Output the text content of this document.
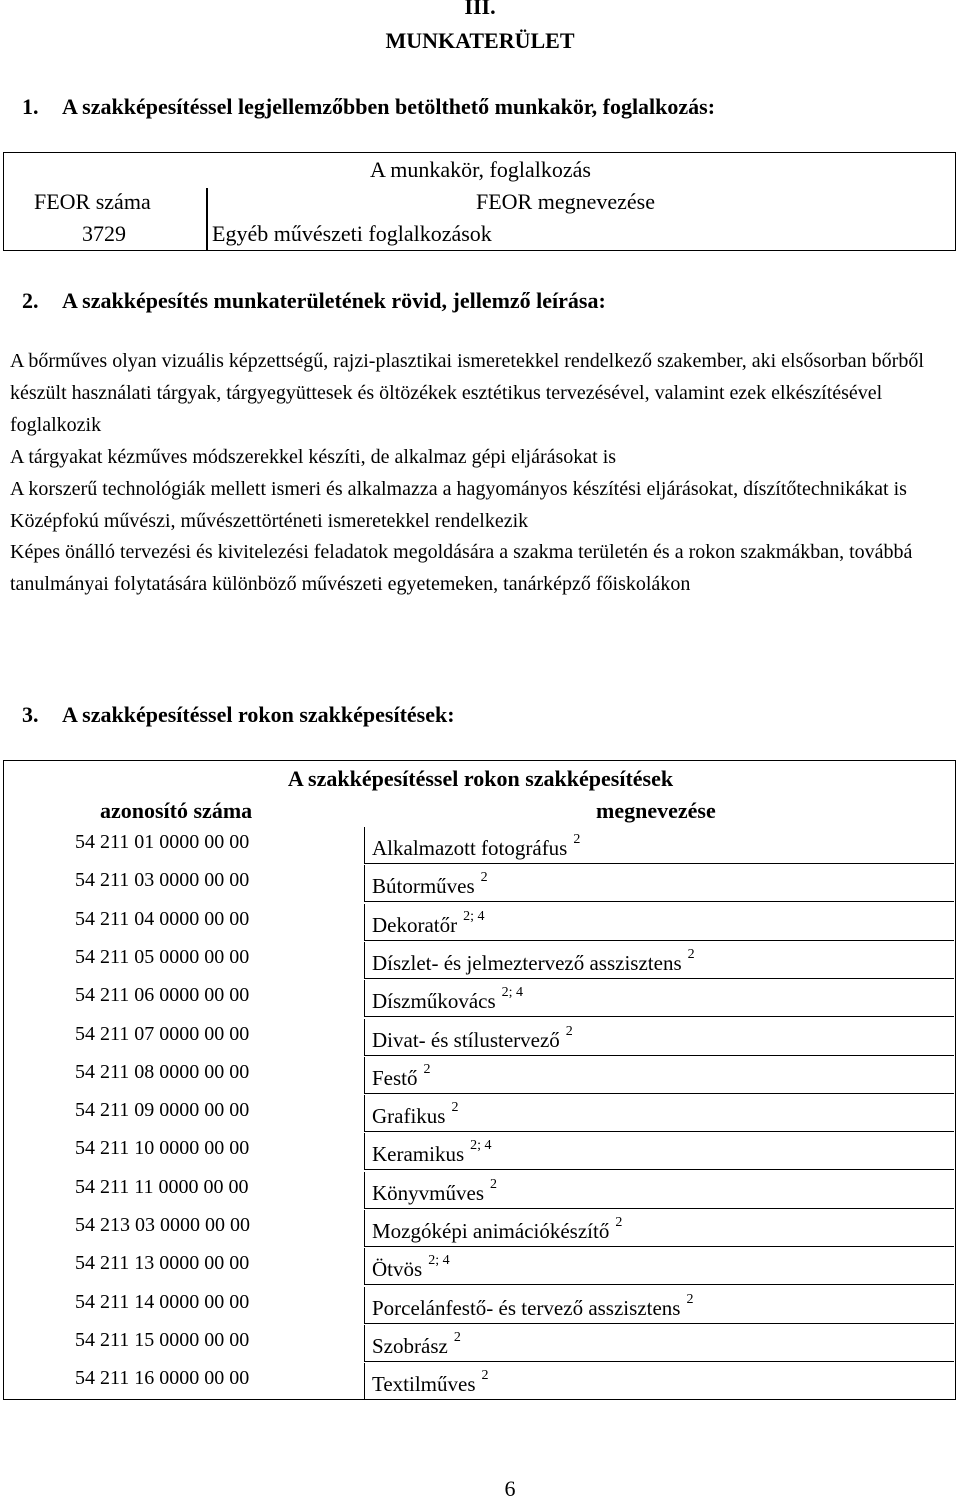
III.
MUNKATERÜLET
1. A szakképesítéssel legjellemzőbben betölthető munkakör, foglalkozás:
A munkakör, foglalkozás
FEOR száma	FEOR megnevezése
3729	Egyéb művészeti foglalkozások
2. A szakképesítés munkaterületének rövid, jellemző leírása:

A bőrműves olyan vizuális képzettségű, rajzi-plasztikai ismeretekkel rendelkező szakember, aki elsősorban bőrből készült használati tárgyak, tárgyegyüttesek és öltözékek esztétikus tervezésével, valamint ezek elkészítésével foglalkozik

A tárgyakat kézműves módszerekkel készíti, de alkalmaz gépi eljárásokat is

A korszerű technológiák mellett ismeri és alkalmazza a hagyományos készítési eljárásokat, díszítőtechnikákat is

Középfokú művészi, művészettörténeti ismeretekkel rendelkezik

Képes önálló tervezési és kivitelezési feladatok megoldására a szakma területén és a rokon szakmákban, továbbá tanulmányai folytatására különböző művészeti egyetemeken, tanárképző főiskolákon

3. A szakképesítéssel rokon szakképesítések:
A szakképesítéssel rokon szakképesítések
azonosító száma	megnevezése
54 211 01 0000 00 00	Alkalmazott fotográfus $^2$
54 211 03 0000 00 00	Bútorműves $^2$
54 211 04 0000 00 00	Dekoratőr $^{2; 4}$
54 211 05 0000 00 00	Díszlet- és jelmeztervező asszisztens $^2$
54 211 06 0000 00 00	Díszműkovács $^{2; 4}$
54 211 07 0000 00 00	Divat- és stílustervező $^2$
54 211 08 0000 00 00	Festő $^2$
54 211 09 0000 00 00	Grafikus $^2$
54 211 10 0000 00 00	Keramikus $^{2; 4}$
54 211 11 0000 00 00	Könyvműves $^2$
54 213 03 0000 00 00	Mozgóképi animációkészítő $^2$
54 211 13 0000 00 00	Ötvös $^{2; 4}$
54 211 14 0000 00 00	Porcelánfestő- és tervező asszisztens $^2$
54 211 15 0000 00 00	Szobrász $^2$
54 211 16 0000 00 00	Textilműves $^2$
6
